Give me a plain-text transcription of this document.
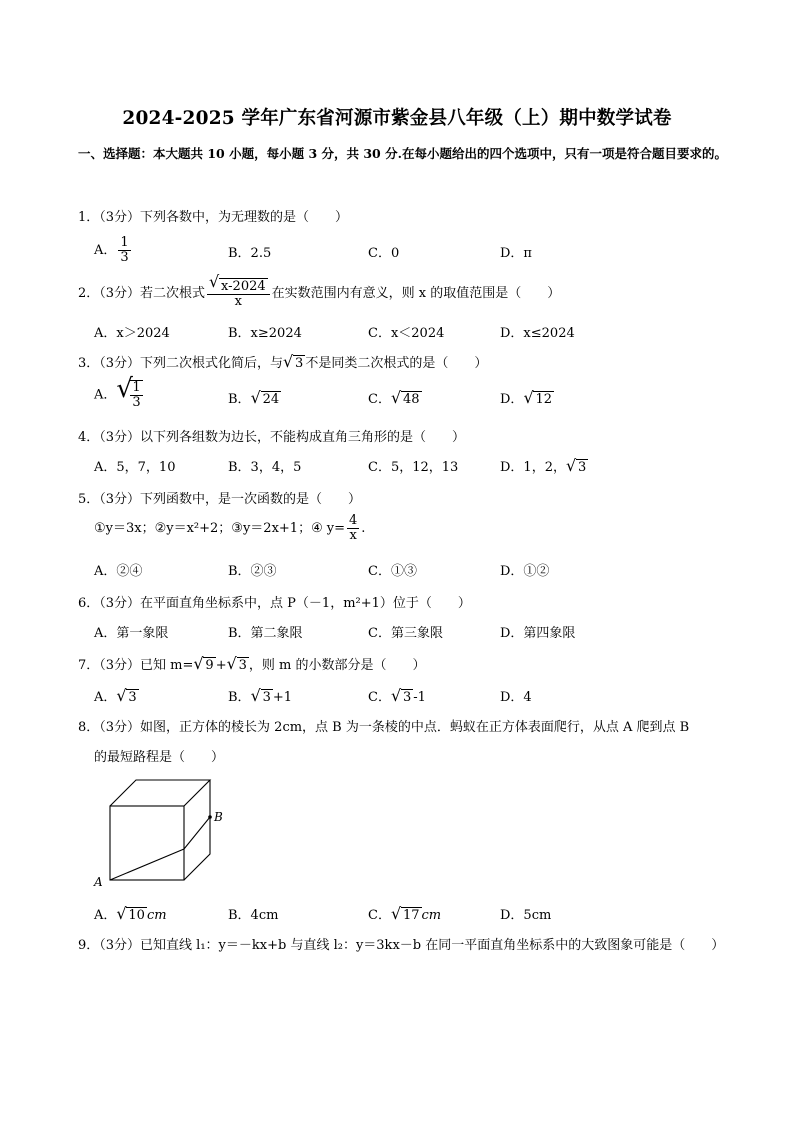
2024-2025 学年广东省河源市紫金县八年级（上）期中数学试卷
一、选择题：本大题共 10 小题，每小题 3 分，共 30 分.在每小题给出的四个选项中，只有一项是符合题目要求的。
1．（3分）下列各数中，为无理数的是（　　）
A． $\frac{1}{3}$	B．2.5	C．0	D．π
2．（3分）若二次根式 $\frac{√ x-2024}{x}$ 在实数范围内有意义，则 x 的取值范围是（　　）
A．x＞2024	B．x≥2024	C．x＜2024	D．x≤2024
3．（3分）下列二次根式化简后，与 √ 3 不是同类二次根式的是（　　）
A． √
$\frac{1}{3}$	B． √ 24	C． √ 48	D． √ 12
4．（3分）以下列各组数为边长，不能构成直角三角形的是（　　）
A．5，7，10	B．3，4，5	C．5，12，13	D．1，2， √ 3
5．（3分）下列函数中，是一次函数的是（　　）
①y＝3x；②y＝x²+2；③y＝2x+1；④ $y= \frac{4}{x}$ .
A．②④	B．②③	C．①③	D．①②
6．（3分）在平面直角坐标系中，点 P（－1，m²+1）位于（　　）
A．第一象限	B．第二象限	C．第三象限	D．第四象限
7．（3分）已知 m= √ 9 + √ 3 ，则 m 的小数部分是（　　）
A． √ 3	B． √ 3 +1	C． √ 3 -1	D．4
8．（3分）如图，正方体的棱长为 2cm，点 B 为一条棱的中点．蚂蚁在正方体表面爬行，从点 A 爬到点 B
的最短路程是（　　）
B
A
A． √ 10 cm	B．4cm	C． √ 17 cm	D．5cm
9．（3分）已知直线 l₁：y＝－kx+b 与直线 l₂：y＝3kx－b 在同一平面直角坐标系中的大致图象可能是（　　）
